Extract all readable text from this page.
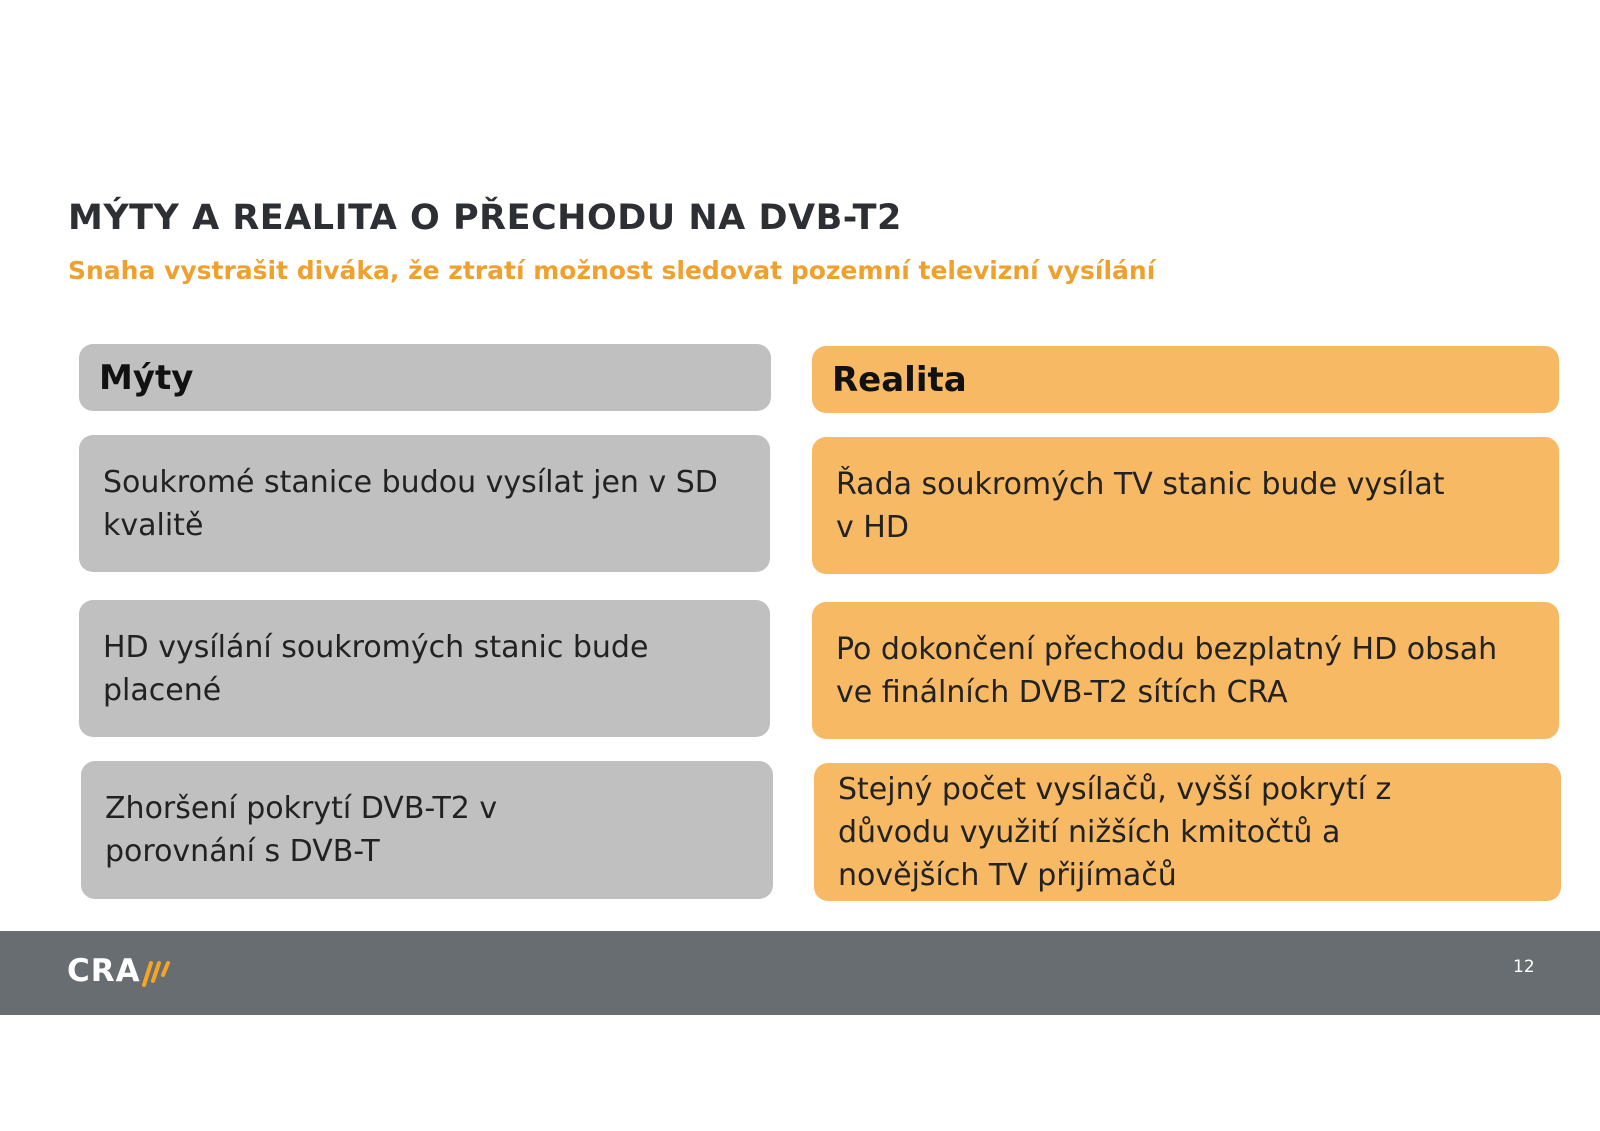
MÝTY A REALITA O PŘECHODU NA DVB-T2
Snaha vystrašit diváka, že ztratí možnost sledovat pozemní televizní vysílání
Mýty
Soukromé stanice budou vysílat jen v SD kvalitě
HD vysílání soukromých stanic bude placené
Zhoršení pokrytí DVB-T2 v porovnání s DVB-T
Realita
Řada soukromých TV stanic bude vysílat v HD
Po dokončení přechodu bezplatný HD obsah ve finálních DVB-T2 sítích CRA
Stejný počet vysílačů, vyšší pokrytí z důvodu využití nižších kmitočtů a novějších TV přijímačů
CRA	12
